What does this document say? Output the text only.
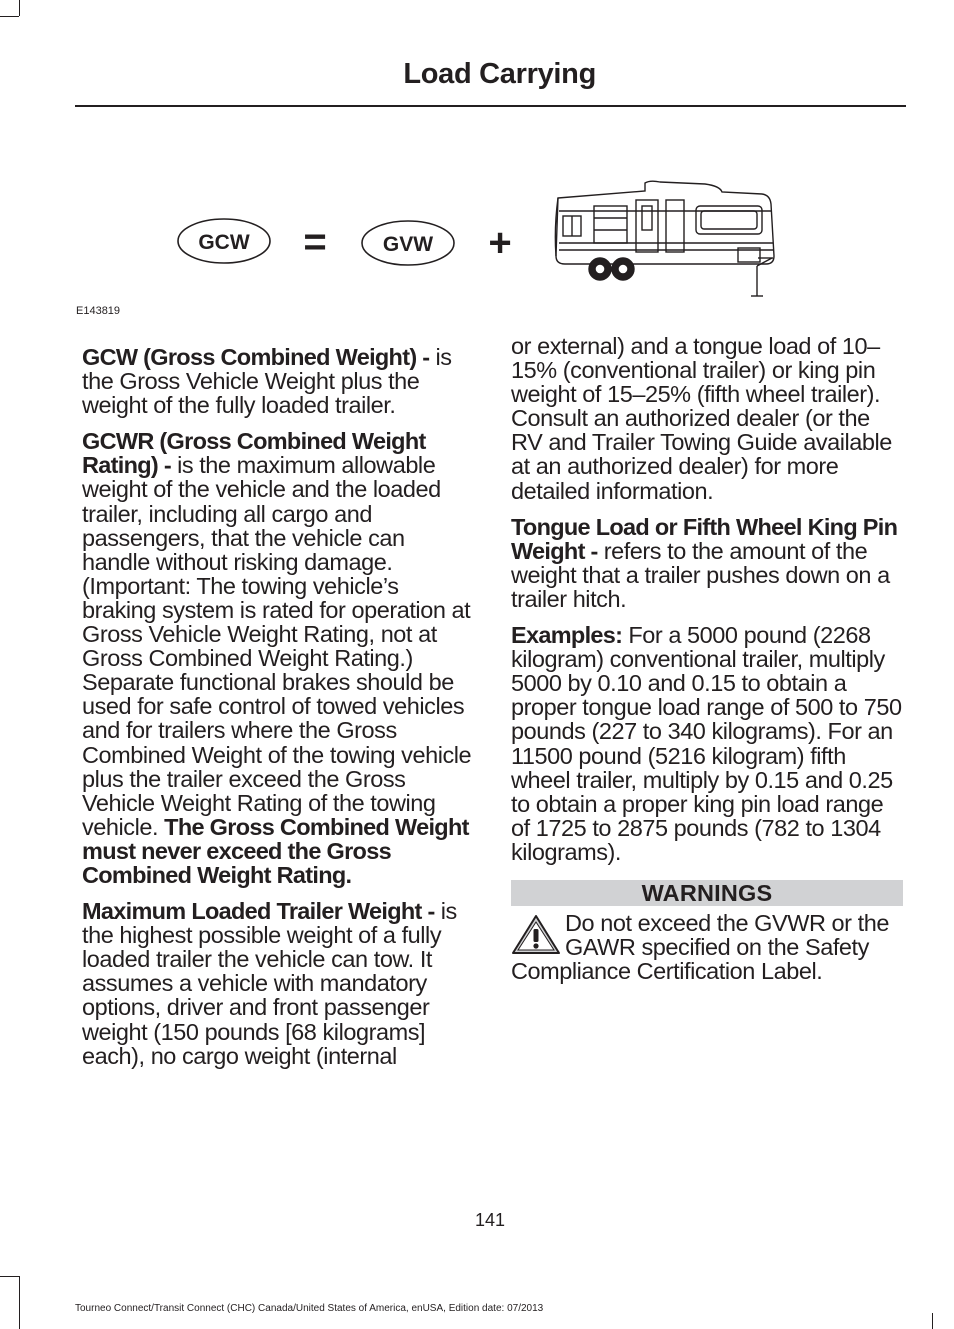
Load Carrying
GCW =	GVW +
E143819

GCW (Gross Combined Weight) - is the Gross Vehicle Weight plus the weight of the fully loaded trailer.

GCWR (Gross Combined Weight Rating) - is the maximum allowable weight of the vehicle and the loaded trailer, including all cargo and passengers, that the vehicle can handle without risking damage. (Important: The towing vehicle’s braking system is rated for operation at Gross Vehicle Weight Rating, not at Gross Combined Weight Rating.) Separate functional brakes should be used for safe control of towed vehicles and for trailers where the Gross Combined Weight of the towing vehicle plus the trailer exceed the Gross Vehicle Weight Rating of the towing vehicle. The Gross Combined Weight must never exceed the Gross Combined Weight Rating.

Maximum Loaded Trailer Weight - is the highest possible weight of a fully loaded trailer the vehicle can tow. It assumes a vehicle with mandatory options, driver and front passenger weight (150 pounds [68 kilograms] each), no cargo weight (internal

or external) and a tongue load of 10–15% (conventional trailer) or king pin weight of 15–25% (fifth wheel trailer). Consult an authorized dealer (or the RV and Trailer Towing Guide available at an authorized dealer) for more detailed information.

Tongue Load or Fifth Wheel King Pin Weight - refers to the amount of the weight that a trailer pushes down on a trailer hitch.

Examples: For a 5000 pound (2268 kilogram) conventional trailer, multiply 5000 by 0.10 and 0.15 to obtain a proper tongue load range of 500 to 750 pounds (227 to 340 kilograms). For an 11500 pound (5216 kilogram) fifth wheel trailer, multiply by 0.15 and 0.25 to obtain a proper king pin load range of 1725 to 2875 pounds (782 to 1304 kilograms).

WARNINGS
Do not exceed the GVWR or the GAWR specified on the Safety Compliance Certification Label.
141
Tourneo Connect/Transit Connect (CHC) Canada/United States of America, enUSA, Edition date: 07/2013
